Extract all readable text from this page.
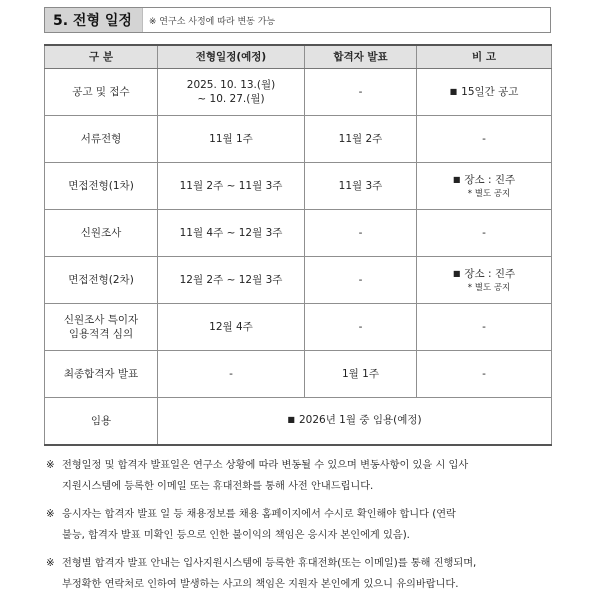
5. 전형 일정	※ 연구소 사정에 따라 변동 가능
구 분	전형일정(예정)	합격자 발표	비 고
공고 및 접수	2025. 10. 13.(월)
~ 10. 27.(월)	-	■ 15일간 공고
서류전형	11월 1주	11월 2주	-
면접전형(1차)	11월 2주 ~ 11월 3주	11월 3주	■ 장소 : 진주
* 별도 공지

신원조사	11월 4주 ~ 12월 3주	-	-
면접전형(2차)	12월 2주 ~ 12월 3주	-	■ 장소 : 진주
* 별도 공지

신원조사 특이자
임용적격 심의	12월 4주	-	-
최종합격자 발표	-	1월 1주	-
임용	■ 2026년 1월 중 임용(예정)		
※ 전형일정 및 합격자 발표일은 연구소 상황에 따라 변동될 수 있으며 변동사항이 있을 시 입사
지원시스템에 등록한 이메일 또는 휴대전화를 통해 사전 안내드립니다.
※ 응시자는 합격자 발표 일 등 채용정보를 채용 홈페이지에서 수시로 확인해야 합니다 (연락
불능, 합격자 발표 미확인 등으로 인한 불이익의 책임은 응시자 본인에게 있음).
※ 전형별 합격자 발표 안내는 입사지원시스템에 등록한 휴대전화(또는 이메일)를 통해 진행되며,
부정확한 연락처로 인하여 발생하는 사고의 책임은 지원자 본인에게 있으니 유의바랍니다.
